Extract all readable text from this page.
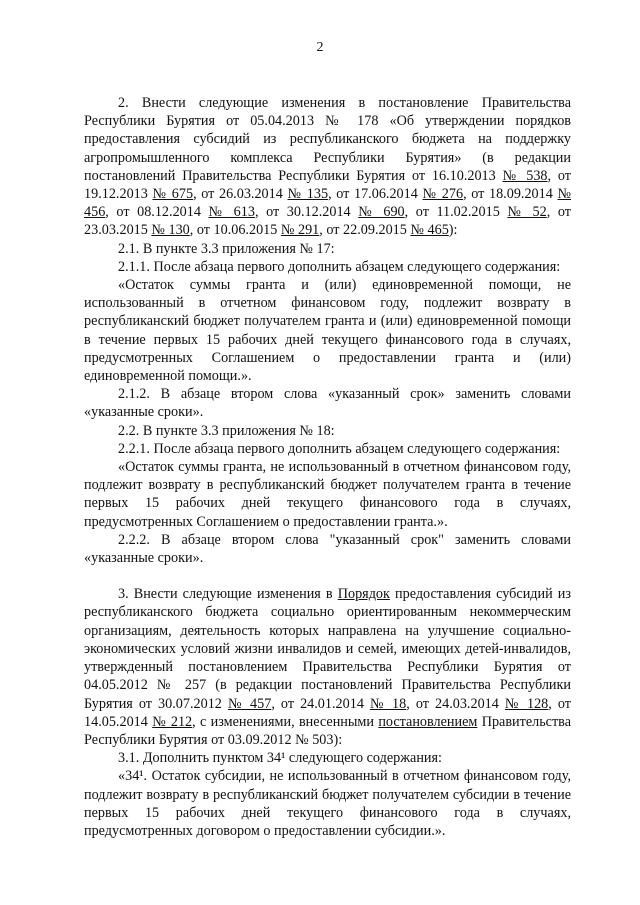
2

2. Внести следующие изменения в постановление Правительства Республики Бурятия от 05.04.2013 № 178 «Об утверждении порядков предоставления субсидий из республиканского бюджета на поддержку агропромышленного комплекса Республики Бурятия» (в редакции постановлений Правительства Республики Бурятия от 16.10.2013 № 538, от 19.12.2013 № 675, от 26.03.2014 № 135, от 17.06.2014 № 276, от 18.09.2014 № 456, от 08.12.2014 № 613, от 30.12.2014 № 690, от 11.02.2015 № 52, от 23.03.2015 № 130, от 10.06.2015 № 291, от 22.09.2015 № 465):

2.1. В пункте 3.3 приложения № 17:

2.1.1. После абзаца первого дополнить абзацем следующего содержания:

«Остаток суммы гранта и (или) единовременной помощи, не использованный в отчетном финансовом году, подлежит возврату в республиканский бюджет получателем гранта и (или) единовременной помощи в течение первых 15 рабочих дней текущего финансового года в случаях, предусмотренных Соглашением о предоставлении гранта и (или) единовременной помощи.».

2.1.2. В абзаце втором слова «указанный срок» заменить словами «указанные сроки».

2.2. В пункте 3.3 приложения № 18:

2.2.1. После абзаца первого дополнить абзацем следующего содержания:

«Остаток суммы гранта, не использованный в отчетном финансовом году, подлежит возврату в республиканский бюджет получателем гранта в течение первых 15 рабочих дней текущего финансового года в случаях, предусмотренных Соглашением о предоставлении гранта.».

2.2.2. В абзаце втором слова "указанный срок" заменить словами «указанные сроки».

3. Внести следующие изменения в Порядок предоставления субсидий из республиканского бюджета социально ориентированным некоммерческим организациям, деятельность которых направлена на улучшение социально-экономических условий жизни инвалидов и семей, имеющих детей-инвалидов, утвержденный постановлением Правительства Республики Бурятия от 04.05.2012 № 257 (в редакции постановлений Правительства Республики Бурятия от 30.07.2012 № 457, от 24.01.2014 № 18, от 24.03.2014 № 128, от 14.05.2014 № 212, с изменениями, внесенными постановлением Правительства Республики Бурятия от 03.09.2012 № 503):

3.1. Дополнить пунктом 34¹ следующего содержания:

«34¹. Остаток субсидии, не использованный в отчетном финансовом году, подлежит возврату в республиканский бюджет получателем субсидии в течение первых 15 рабочих дней текущего финансового года в случаях, предусмотренных договором о предоставлении субсидии.».
